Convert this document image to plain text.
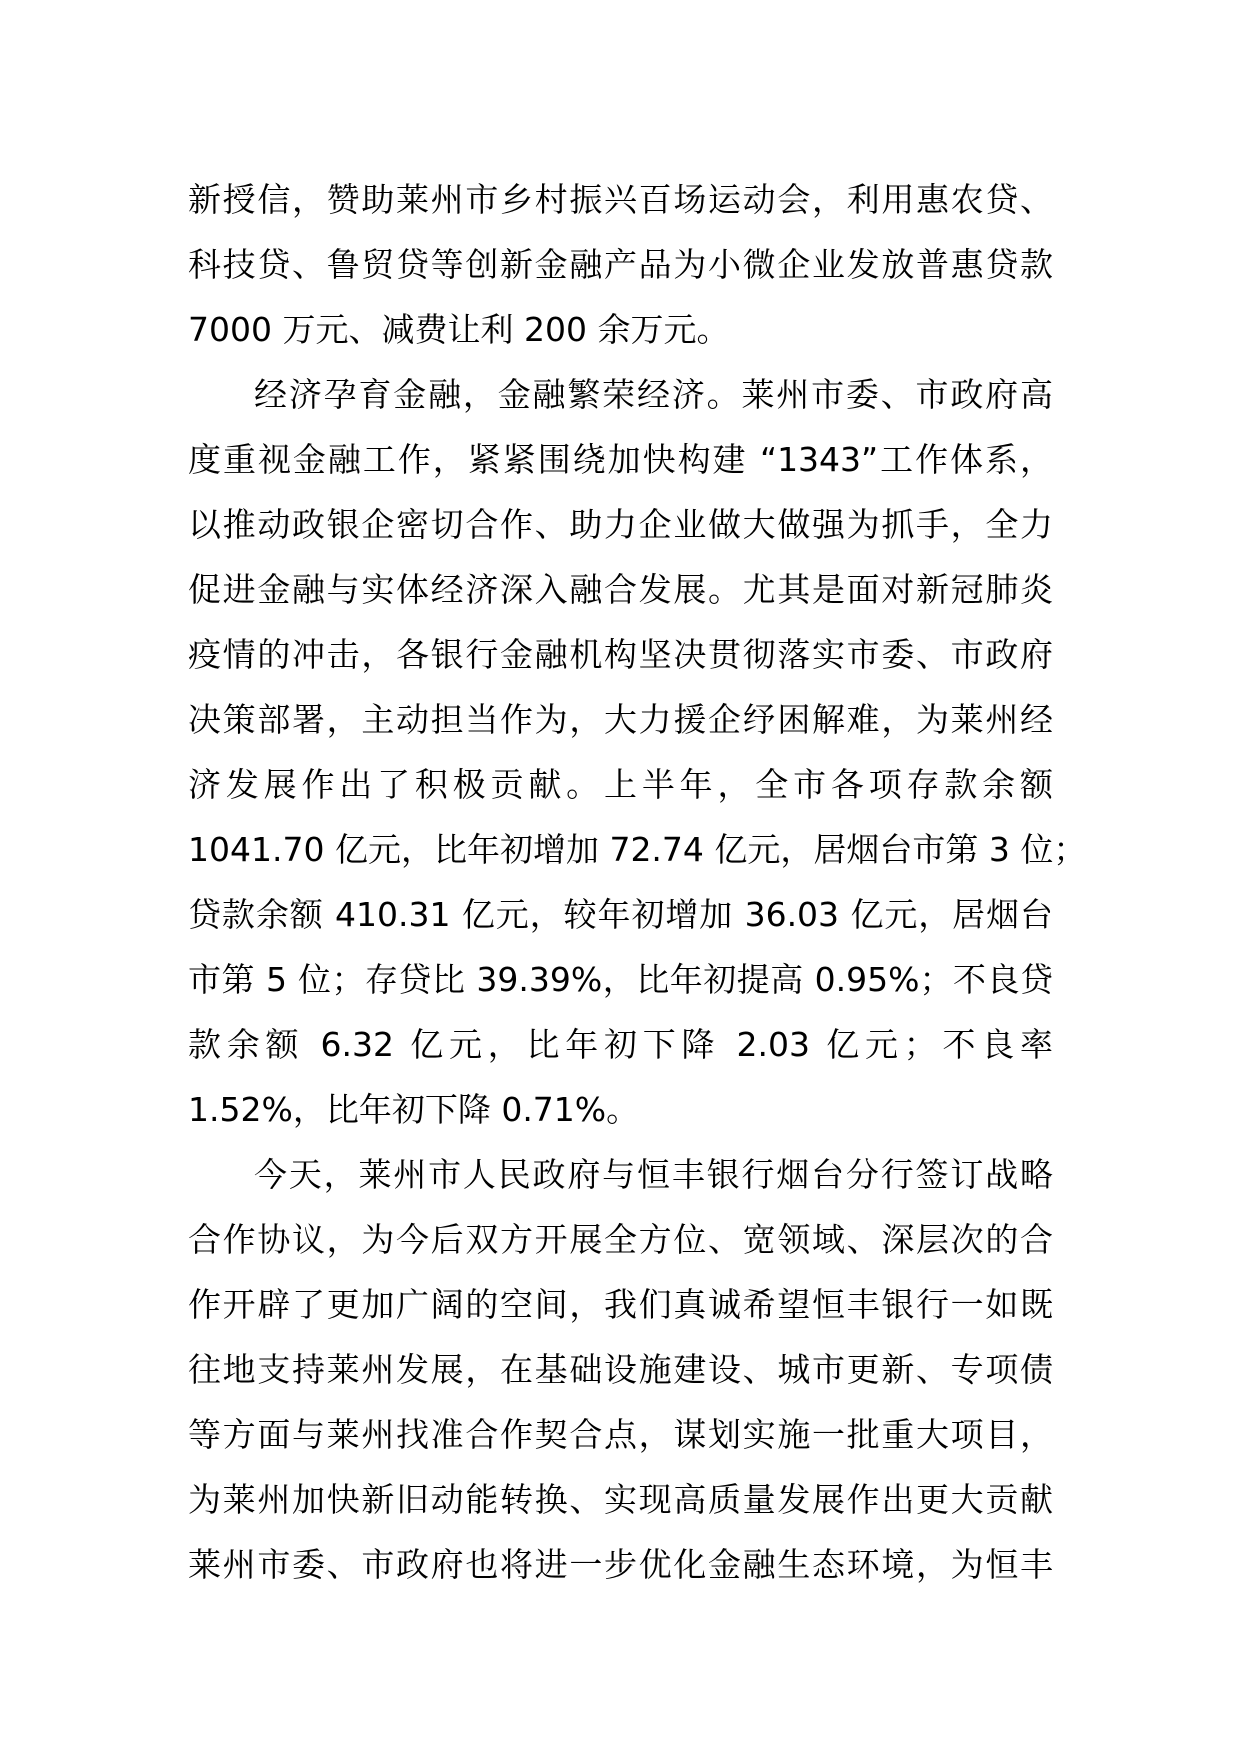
新授信，赞助莱州市乡村振兴百场运动会，利用惠农贷、
科技贷、鲁贸贷等创新金融产品为小微企业发放普惠贷款
7000 万元、减费让利 200 余万元。
经济孕育金融，金融繁荣经济。莱州市委、市政府高
度重视金融工作，紧紧围绕加快构建 “1343”工作体系，
以推动政银企密切合作、助力企业做大做强为抓手，全力
促进金融与实体经济深入融合发展。尤其是面对新冠肺炎
疫情的冲击，各银行金融机构坚决贯彻落实市委、市政府
决策部署，主动担当作为，大力援企纾困解难，为莱州经
济发展作出了积极贡献。上半年，全市各项存款余额
1041.70 亿元，比年初增加 72.74 亿元，居烟台市第 3 位；
贷款余额 410.31 亿元，较年初增加 36.03 亿元，居烟台
市第 5 位；存贷比 39.39%，比年初提高 0.95%；不良贷
款余额 6.32 亿元，比年初下降 2.03 亿元；不良率
1.52%，比年初下降 0.71%。
今天，莱州市人民政府与恒丰银行烟台分行签订战略
合作协议，为今后双方开展全方位、宽领域、深层次的合
作开辟了更加广阔的空间，我们真诚希望恒丰银行一如既
往地支持莱州发展，在基础设施建设、城市更新、专项债
等方面与莱州找准合作契合点，谋划实施一批重大项目，
为莱州加快新旧动能转换、实现高质量发展作出更大贡献
莱州市委、市政府也将进一步优化金融生态环境，为恒丰
